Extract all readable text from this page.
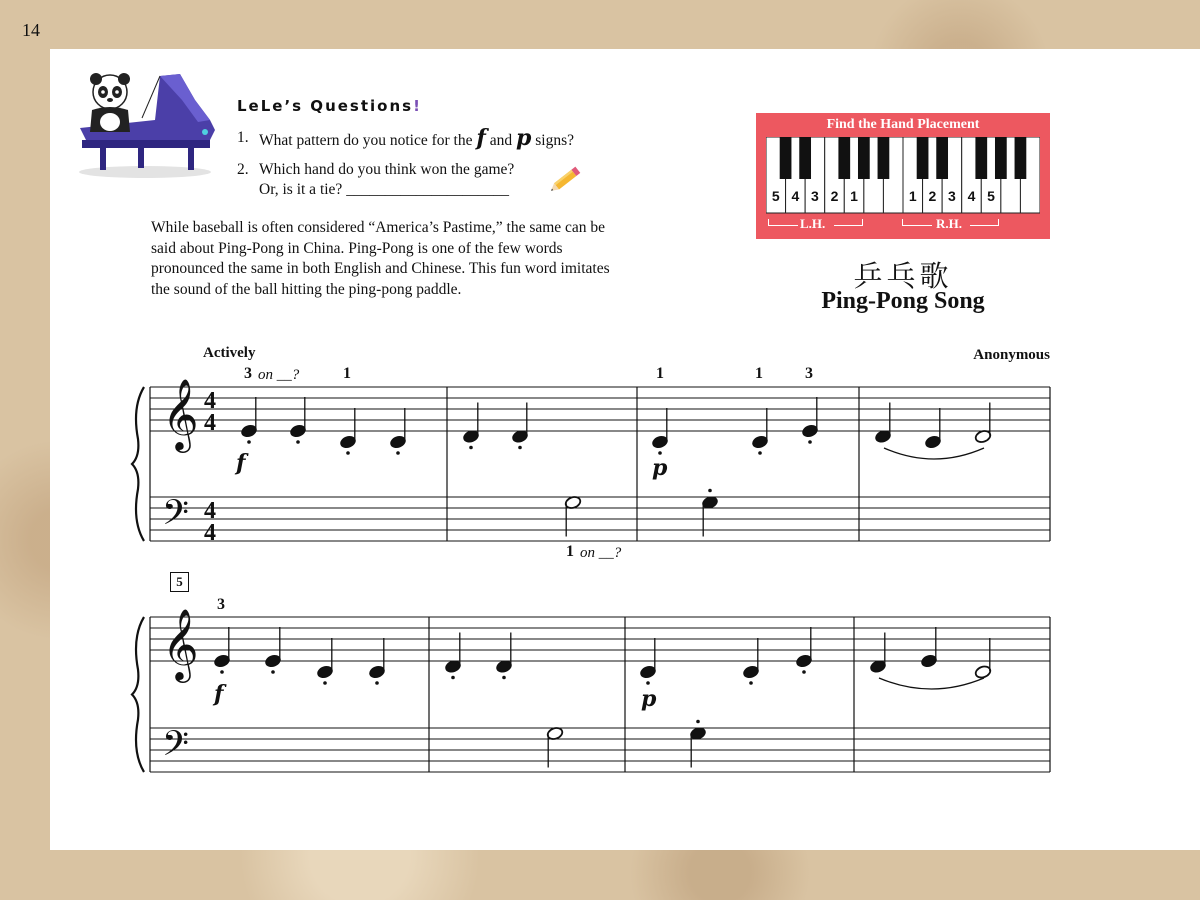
14
LeLe’s Questions!
1. What pattern do you notice for the f and p signs?
2. Which hand do you think won the game?
Or, is it a tie? _____________________
While baseball is often considered “America’s Pastime,” the same can be said about Ping-Pong in China. Ping-Pong is one of the few words pronounced the same in both English and Chinese. This fun word imitates the sound of the ball hitting the ping-pong paddle.
Find the Hand Placement
5 4 3 2 1	1 2 3 4 5
L.H.	R.H.
乒乓歌
Ping-Pong Song
Actively	Anonymous
3 on __?	1	1	1	3
1 on __?
5
3
f	p
f	p
𝄞
𝄢
4
4
4
4
𝄞
𝄢
